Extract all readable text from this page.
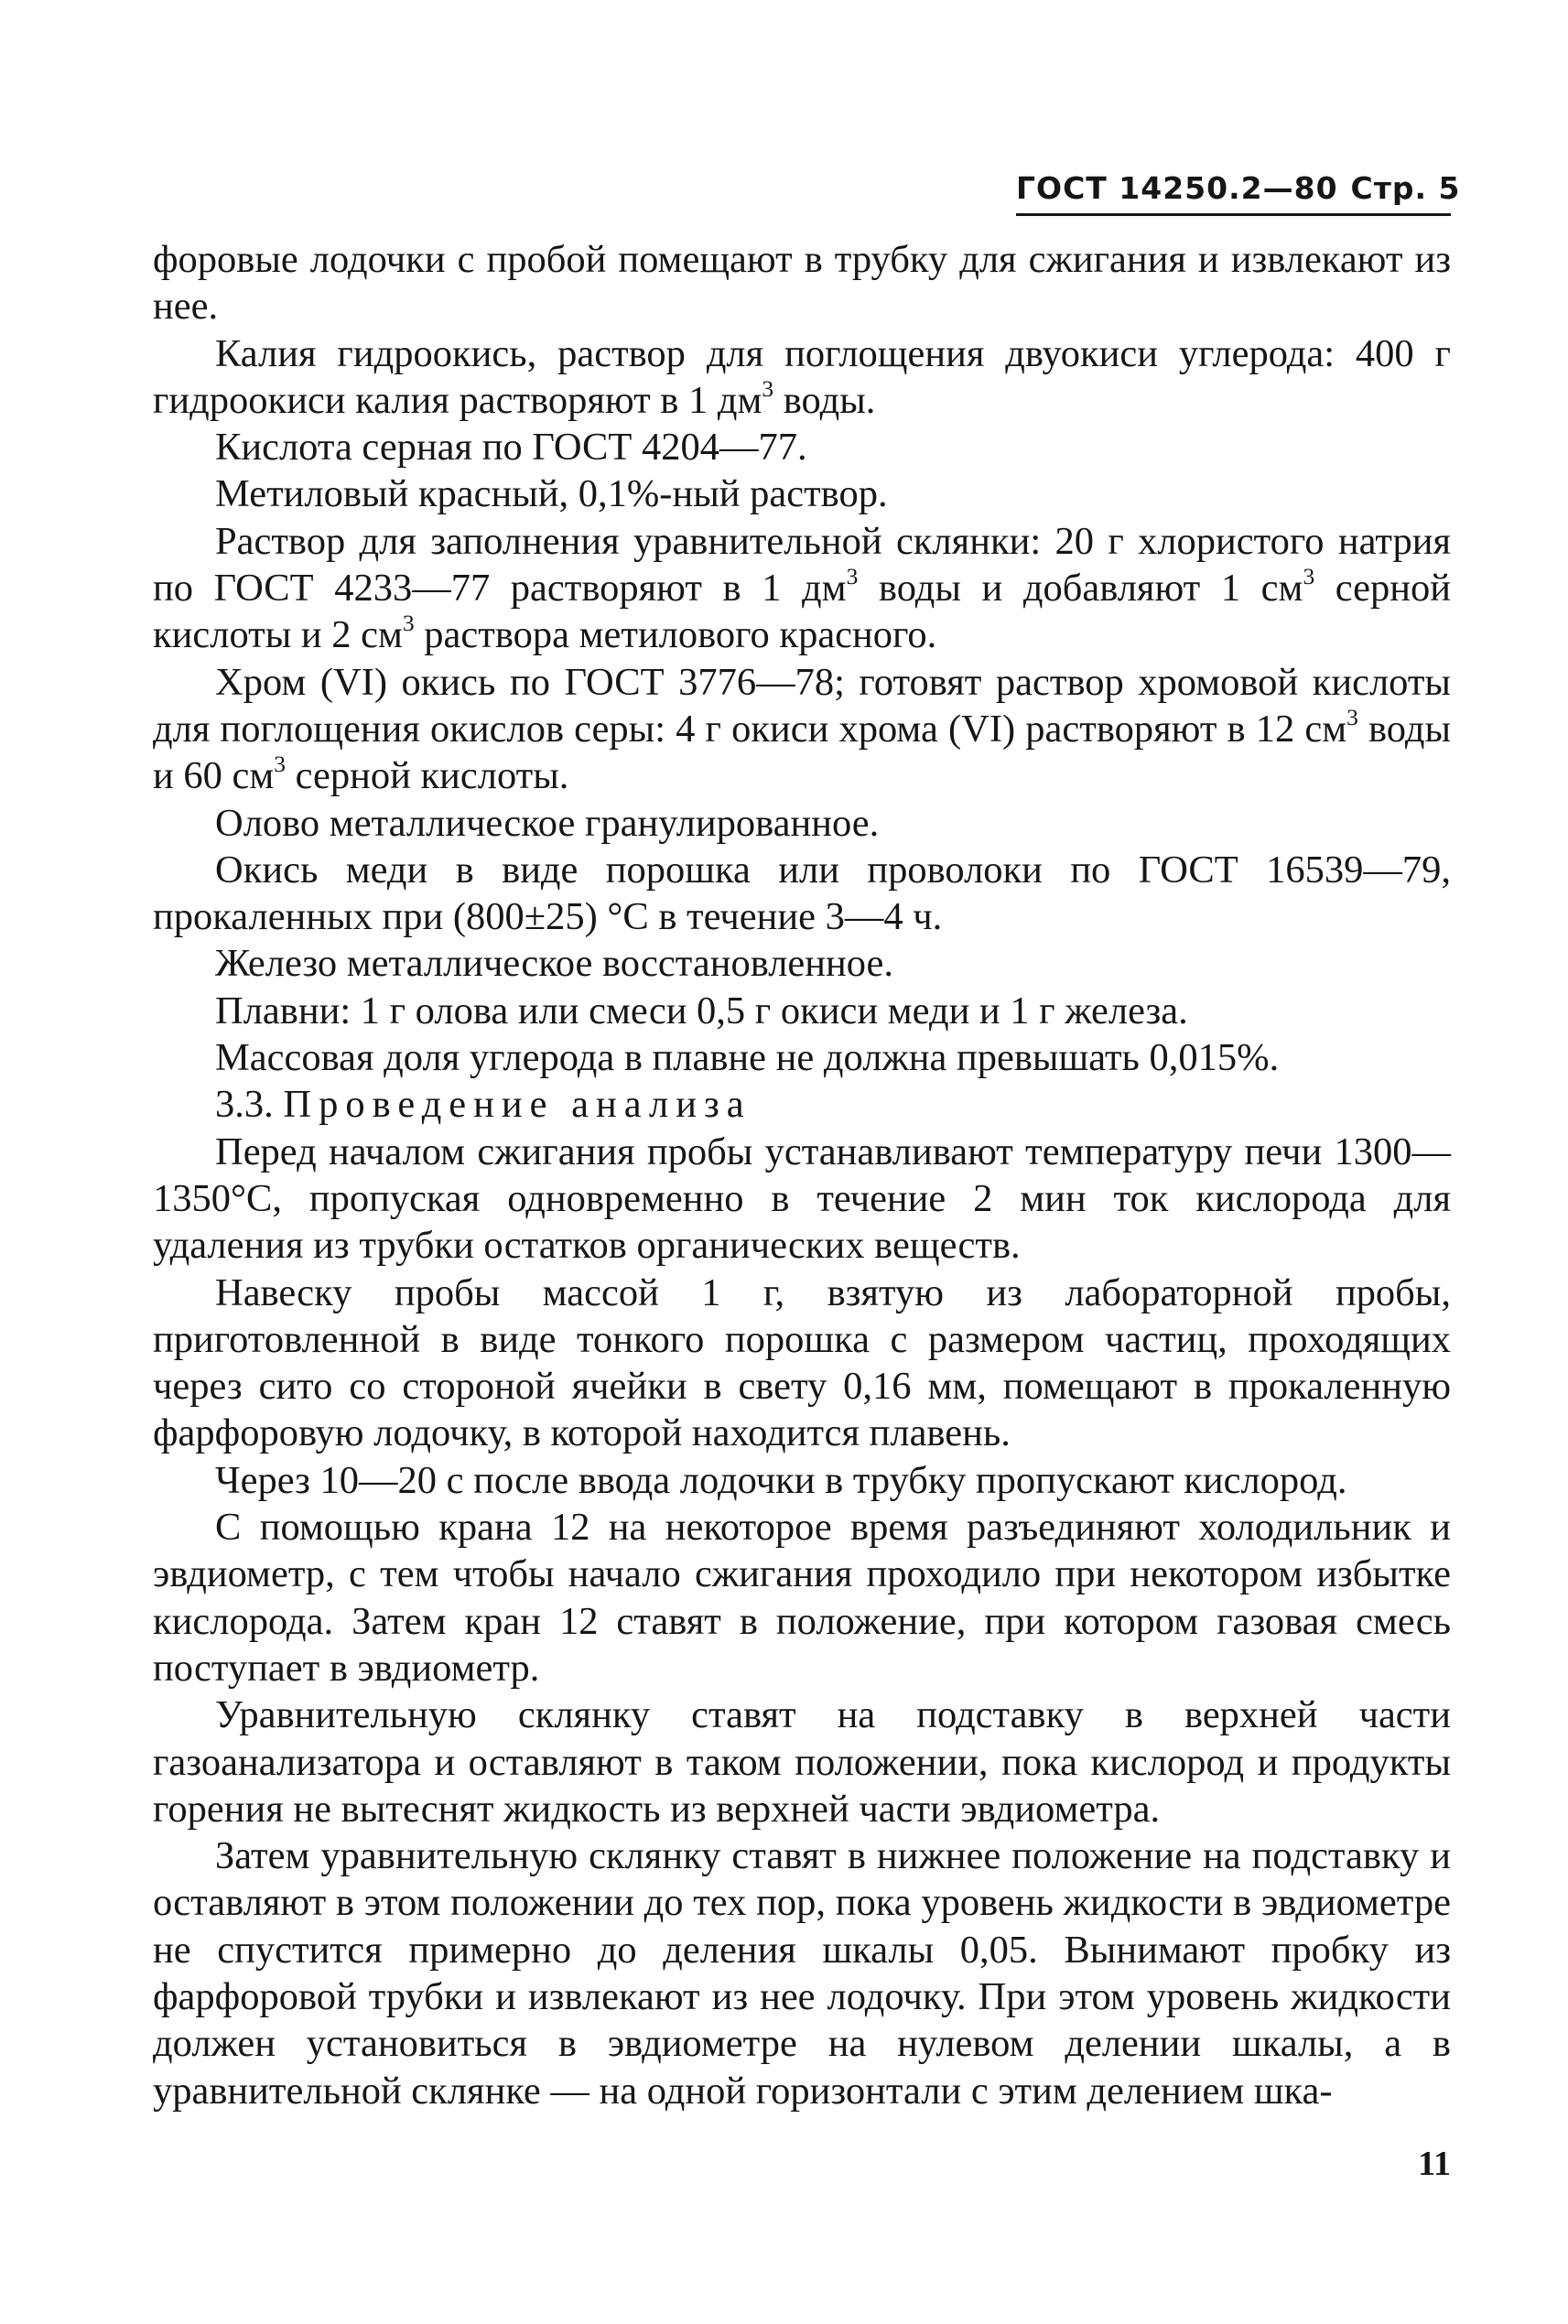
ГОСТ 14250.2—80 Стр. 5

форовые лодочки с пробой помещают в трубку для сжигания и извлекают из нее.

Калия гидроокись, раствор для поглощения двуокиси углерода: 400 г гидроокиси калия растворяют в 1 $дм^3$ воды.

Кислота серная по ГОСТ 4204—77.

Метиловый красный, 0,1%-ный раствор.

Раствор для заполнения уравнительной склянки: 20 г хлористого натрия по ГОСТ 4233—77 растворяют в 1 $дм^3$ воды и добавляют 1 $см^3$ серной кислоты и 2 $см^3$ раствора метилового красного.

Хром (VI) окись по ГОСТ 3776—78; готовят раствор хромовой кислоты для поглощения окислов серы: 4 г окиси хрома (VI) растворяют в 12 $см^3$ воды и 60 $см^3$ серной кислоты.

Олово металлическое гранулированное.

Окись меди в виде порошка или проволоки по ГОСТ 16539—79, прокаленных при (800±25) °С в течение 3—4 ч.

Железо металлическое восстановленное.

Плавни: 1 г олова или смеси 0,5 г окиси меди и 1 г железа.

Массовая доля углерода в плавне не должна превышать 0,015%.

3.3. Проведение анализа

Перед началом сжигания пробы устанавливают температуру печи 1300—1350°С, пропуская одновременно в течение 2 мин ток кислорода для удаления из трубки остатков органических веществ.

Навеску пробы массой 1 г, взятую из лабораторной пробы, приготовленной в виде тонкого порошка с размером частиц, проходящих через сито со стороной ячейки в свету 0,16 мм, помещают в прокаленную фарфоровую лодочку, в которой находится плавень.

Через 10—20 с после ввода лодочки в трубку пропускают кислород.

С помощью крана 12 на некоторое время разъединяют холодильник и эвдиометр, с тем чтобы начало сжигания проходило при некотором избытке кислорода. Затем кран 12 ставят в положение, при котором газовая смесь поступает в эвдиометр.

Уравнительную склянку ставят на подставку в верхней части газоанализатора и оставляют в таком положении, пока кислород и продукты горения не вытеснят жидкость из верхней части эвдиометра.

Затем уравнительную склянку ставят в нижнее положение на подставку и оставляют в этом положении до тех пор, пока уровень жидкости в эвдиометре не спустится примерно до деления шкалы 0,05. Вынимают пробку из фарфоровой трубки и извлекают из нее лодочку. При этом уровень жидкости должен установиться в эвдиометре на нулевом делении шкалы, а в уравнительной склянке — на одной горизонтали с этим делением шка-

11
